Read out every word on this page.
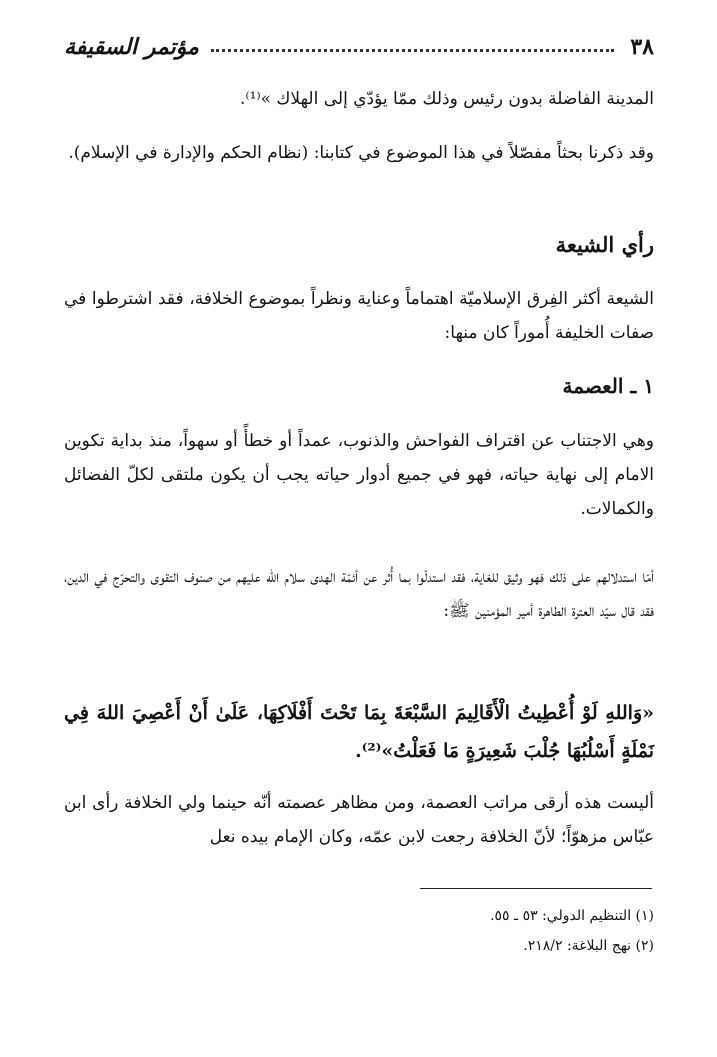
٣٨
مؤتمر السقيفة

المدينة الفاضلة بدون رئيس وذلك ممّا يؤدّي إلى الهلاك »⁽¹⁾.

وقد ذكرنا بحثاً مفصّلاً في هذا الموضوع في كتابنا: (نظام الحكم والإدارة في الإسلام).

رأي الشيعة

الشيعة أكثر الفِرق الإسلاميّة اهتماماً وعناية ونظراً بموضوع الخلافة، فقد اشترطوا في صفات الخليفة أُموراً كان منها:

١ ـ العصمة

وهي الاجتناب عن اقتراف الفواحش والذنوب، عمداً أو خطأً أو سهواً، منذ بداية تكوين الامام إلى نهاية حياته، فهو في جميع أدوار حياته يجب أن يكون ملتقى لكلّ الفضائل والكمالات.

أمّا استدلالهم على ذلك فهو وثيق للغاية، فقد استدلّوا بما أُثر عن أئمّة الهدى سلام الله عليهم من صنوف التقوى والتحرّج في الدين، فقد قال سيّد العترة الطاهرة أمير المؤمنين ﷺ:

«وَاللهِ لَوْ أُعْطِيتُ الْأَقَالِيمَ السَّبْعَةَ بِمَا تَحْتَ أَفْلَاكِهَا، عَلَىٰ أَنْ أَعْصِيَ اللهَ فِي نَمْلَةٍ أَسْلُبُهَا جُلْبَ شَعِيرَةٍ مَا فَعَلْتُ»⁽²⁾.

أليست هذه أرقى مراتب العصمة، ومن مظاهر عصمته أنّه حينما ولي الخلافة رأى ابن عبّاس مزهوّاً؛ لأنّ الخلافة رجعت لابن عمّه، وكان الإمام بيده نعل

(١) التنظيم الدولي: ٥٣ ـ ٥٥.

(٢) نهج البلاغة: ٢١٨/٢.
